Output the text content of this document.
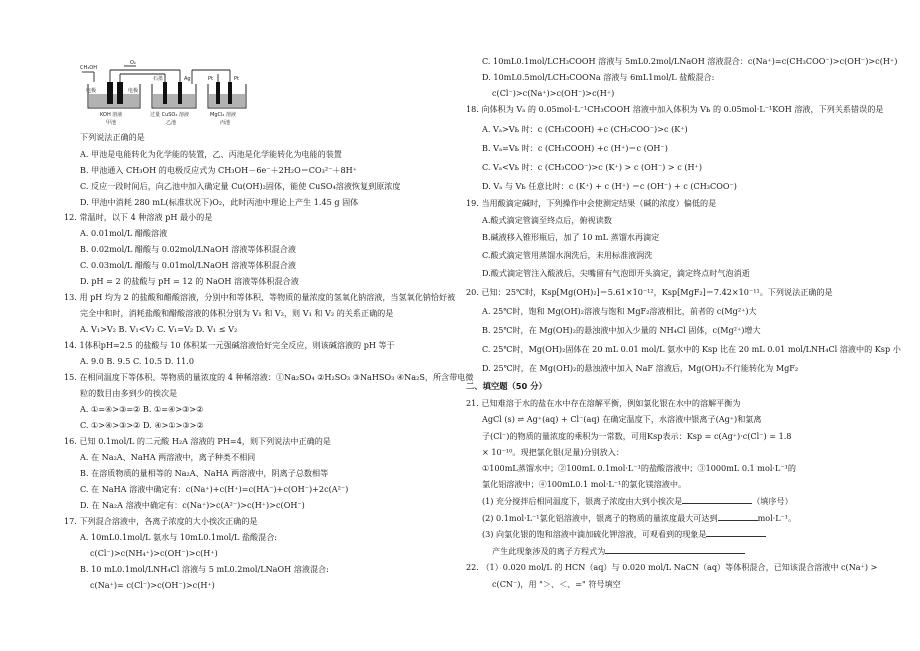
CH₃OH
O₂
电极	电极
石墨	Ag	Pt	Pt
KOH 溶液	过量 CuSO₄ 溶液	MgCl₂ 溶液
甲池	乙池	丙池
下列说法正确的是
A. 甲池是电能转化为化学能的装置，乙、丙池是化学能转化为电能的装置
B. 甲池通入 CH₃OH 的电极反应式为 CH₃OH－6e⁻＋2H₂O＝CO₃²⁻＋8H⁺
C. 反应一段时间后，向乙池中加入确定量 Cu(OH)₂固体，能使 CuSO₄溶液恢复到原浓度
D. 甲池中消耗 280 mL(标准状况下)O₂，此时丙池中理论上产生 1.45 g 固体
12. 常温时，以下 4 种溶液 pH 最小的是
A. 0.01mol/L 醋酸溶液
B. 0.02mol/L 醋酸与 0.02mol/LNaOH 溶液等体积混合液
C. 0.03mol/L 醋酸与 0.01mol/LNaOH 溶液等体积混合液
D. pH = 2 的盐酸与 pH = 12 的 NaOH 溶液等体积混合液
13. 用 pH 均为 2 的盐酸和醋酸溶液，分别中和等体积、等物质的量浓度的氢氧化钠溶液，当氢氧化钠恰好被
完全中和时，消耗盐酸和醋酸溶液的体积分别为 V₁ 和 V₂，则 V₁ 和 V₂ 的关系正确的是
A. V₁>V₂ B. V₁<V₂ C. V₁=V₂ D. V₁ ≤ V₂
14. 1体积pH=2.5 的盐酸与 10 体积某一元强碱溶液恰好完全反应，则该碱溶液的 pH 等于
A. 9.0 B. 9.5 C. 10.5 D. 11.0
15. 在相同温度下等体积、等物质的量浓度的 4 种稀溶液：①Na₂SO₄ ②H₂SO₃ ③NaHSO₃ ④Na₂S，所含带电微
粒的数目由多到少的挨次是
A. ①=④>③=② B. ①=④>③>②
C. ①>④>③>② D. ④>①>③>②
16. 已知 0.1mol/L 的二元酸 H₂A 溶液的 PH=4，则下列说法中正确的是
A. 在 Na₂A、NaHA 两溶液中，离子种类不相同
B. 在溶质物质的量相等的 Na₂A、NaHA 两溶液中，阴离子总数相等
C. 在 NaHA 溶液中确定有：c(Na⁺)+c(H⁺)=c(HA⁻)+c(OH⁻)+2c(A²⁻)
D. 在 Na₂A 溶液中确定有：c(Na⁺)>c(A²⁻)>c(H⁺)>c(OH⁻)
17. 下列混合溶液中，各离子浓度的大小挨次正确的是
A. 10mL0.1mol/L 氨水与 10mL0.1mol/L 盐酸混合:
c(Cl⁻)>c(NH₄⁺)>c(OH⁻)>c(H⁺)
B. 10 mL0.1mol/LNH₄Cl 溶液与 5 mL0.2mol/LNaOH 溶液混合:
c(Na⁺)= c(Cl⁻)>c(OH⁻)>c(H⁺)
C. 10mL0.1mol/LCH₃COOH 溶液与 5mL0.2mol/LNaOH 溶液混合：c(Na⁺)=c(CH₃COO⁻)>c(OH⁻)>c(H⁺)
D. 10mL0.5mol/LCH₃COONa 溶液与 6mL1mol/L 盐酸混合:
c(Cl⁻)>c(Na⁺)>c(OH⁻)>c(H⁺)
18. 向体积为 Vₐ 的 0.05mol·L⁻¹CH₃COOH 溶液中加入体积为 Vь 的 0.05mol·L⁻¹KOH 溶液，下列关系错误的是
A. Vₐ>Vь 时：c (CH₃COOH) +c (CH₃COO⁻)>c (K⁺)
B. Vₐ=Vь 时：c (CH₃COOH) +c (H⁺)＝c (OH⁻)
C. Vₐ<Vь 时：c (CH₃COO⁻)>c (K⁺) > c (OH⁻) > c (H⁺)
D. Vₐ 与 Vь 任意比时：c (K⁺) + c (H⁺) ＝c (OH⁻) + c (CH₃COO⁻)
19. 当用酸滴定碱时，下列操作中会使测定结果（碱的浓度）偏低的是
A.酸式滴定管滴至终点后，俯视读数
B.碱液移入锥形瓶后，加了 10 mL 蒸馏水再滴定
C.酸式滴定管用蒸馏水润洗后，未用标准液润洗
D.酸式滴定管注入酸液后，尖嘴留有气泡即开头滴定，滴定终点时气泡消逝
20. 已知：25℃时，Ksp[Mg(OH)₂]＝5.61×10⁻¹²，Ksp[MgF₂]＝7.42×10⁻¹¹。下列说法正确的是
A. 25℃时，饱和 Mg(OH)₂溶液与饱和 MgF₂溶液相比，前者的 c(Mg²⁺)大
B. 25℃时，在 Mg(OH)₂的悬浊液中加入少量的 NH₄Cl 固体，c(Mg²⁺)增大
C. 25℃时，Mg(OH)₂固体在 20 mL 0.01 mol/L 氨水中的 Ksp 比在 20 mL 0.01 mol/LNH₄Cl 溶液中的 Ksp 小
D. 25℃时，在 Mg(OH)₂的悬浊液中加入 NaF 溶液后，Mg(OH)₂不行能转化为 MgF₂
二、填空题（50 分）
21. 已知难溶于水的盐在水中存在溶解平衡，例如氯化银在水中的溶解平衡为
AgCl (s) ⇌ Ag⁺(aq) + Cl⁻(aq) 在确定温度下，水溶液中银离子(Ag⁺)和氯离
子(Cl⁻)的物质的量浓度的乘积为一常数，可用Ksp表示：Ksp = c(Ag⁺)·c(Cl⁻) = 1.8
× 10⁻¹⁰。现把氯化银(足量)分别放入：
①100mL蒸馏水中；②100mL 0.1mol·L⁻¹的盐酸溶液中；③1000mL 0.1 mol·L⁻¹的
氯化铝溶液中；④100mL0.1 mol·L⁻¹的氯化镁溶液中。
(1) 充分搅拌后相同温度下，银离子浓度由大到小挨次是	（填序号）
(2) 0.1mol·L⁻¹氯化铝溶液中，银离子的物质的量浓度最大可达到	mol·L⁻¹。
(3) 向氯化银的饱和溶液中滴加硫化钾溶液，可观看到的现象是
产生此现象涉及的离子方程式为
22. （1）0.020 mol/L 的 HCN（aq）与 0.020 mol/L NaCN（aq）等体积混合，已知该混合溶液中 c(Na⁺) >
c(CN⁻)，用 "＞、＜、=" 符号填空
